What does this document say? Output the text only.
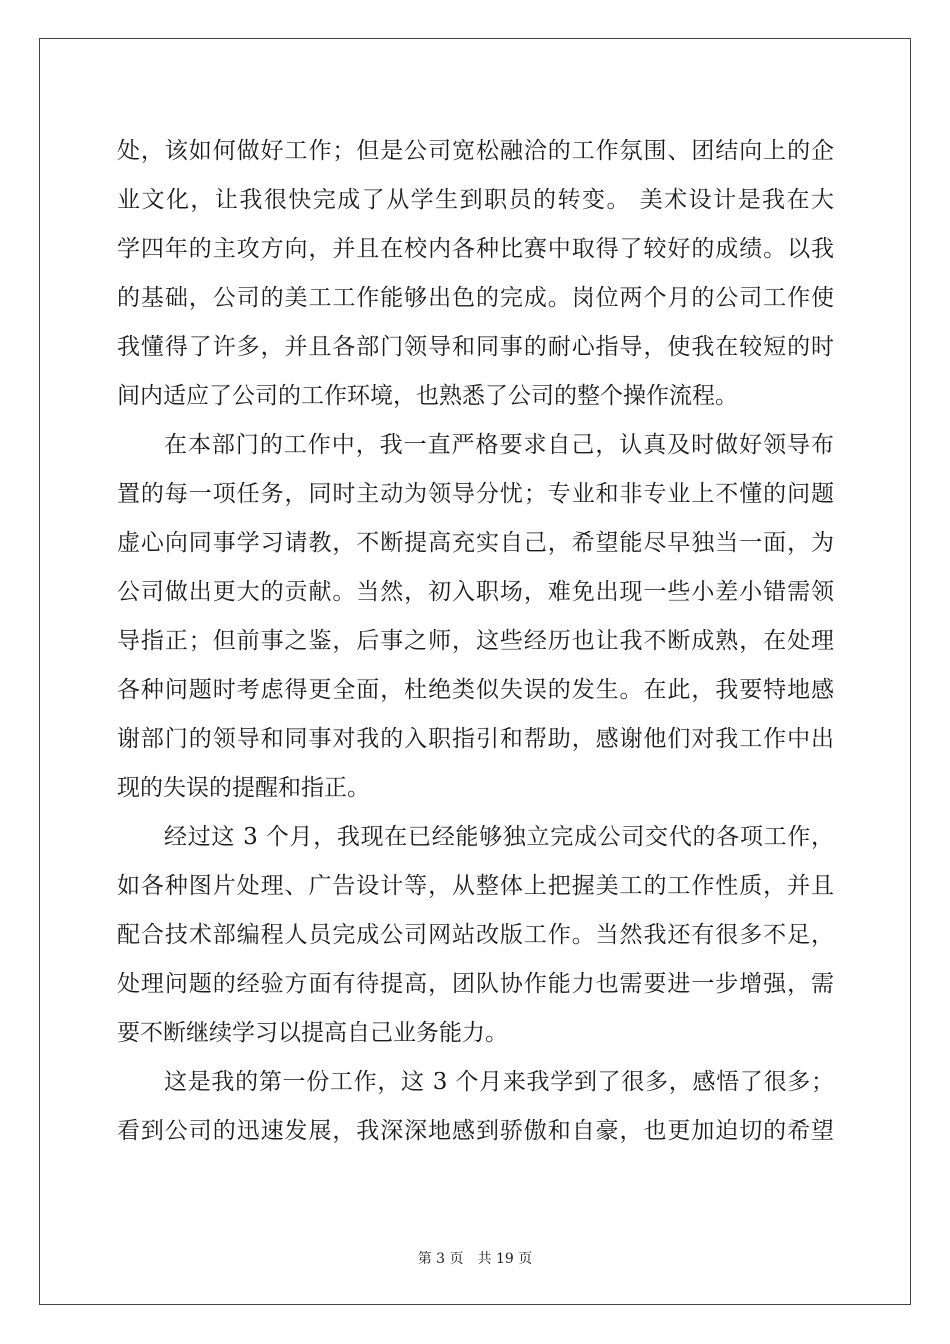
处，该如何做好工作；但是公司宽松融洽的工作氛围、团结向上的企
业文化，让我很快完成了从学生到职员的转变。 美术设计是我在大
学四年的主攻方向，并且在校内各种比赛中取得了较好的成绩。以我
的基础，公司的美工工作能够出色的完成。岗位两个月的公司工作使
我懂得了许多，并且各部门领导和同事的耐心指导，使我在较短的时
间内适应了公司的工作环境，也熟悉了公司的整个操作流程。
在本部门的工作中，我一直严格要求自己，认真及时做好领导布
置的每一项任务，同时主动为领导分忧；专业和非专业上不懂的问题
虚心向同事学习请教，不断提高充实自己，希望能尽早独当一面，为
公司做出更大的贡献。当然，初入职场，难免出现一些小差小错需领
导指正；但前事之鉴，后事之师，这些经历也让我不断成熟，在处理
各种问题时考虑得更全面，杜绝类似失误的发生。在此，我要特地感
谢部门的领导和同事对我的入职指引和帮助，感谢他们对我工作中出
现的失误的提醒和指正。
经过这 3 个月，我现在已经能够独立完成公司交代的各项工作，
如各种图片处理、广告设计等，从整体上把握美工的工作性质，并且
配合技术部编程人员完成公司网站改版工作。当然我还有很多不足，
处理问题的经验方面有待提高，团队协作能力也需要进一步增强，需
要不断继续学习以提高自己业务能力。
这是我的第一份工作，这 3 个月来我学到了很多，感悟了很多；
看到公司的迅速发展，我深深地感到骄傲和自豪，也更加迫切的希望
第 3 页 共 19 页
